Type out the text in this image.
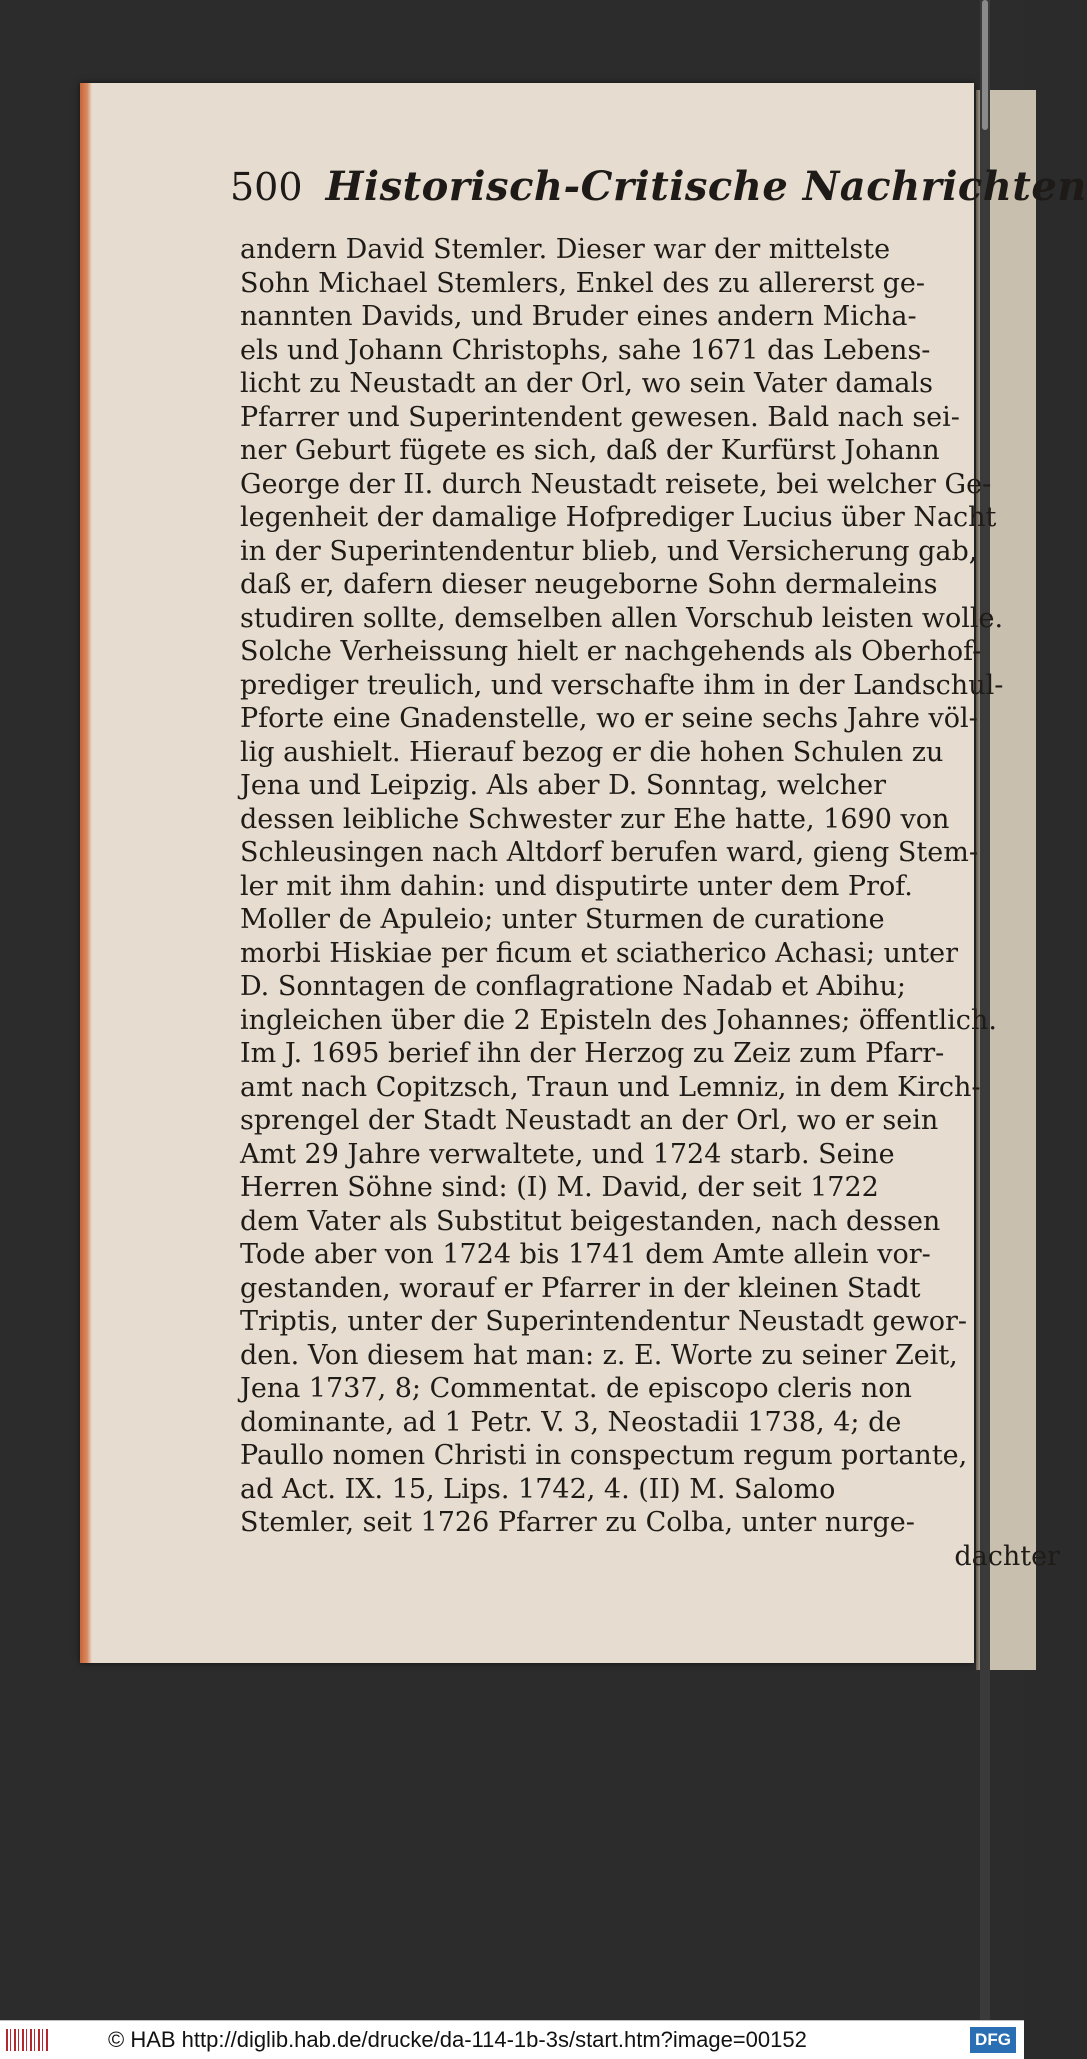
500 Historisch-Critische Nachrichten
andern David Stemler. Dieser war der mittelste
Sohn Michael Stemlers, Enkel des zu allererst ge-
nannten Davids, und Bruder eines andern Micha-
els und Johann Christophs, sahe 1671 das Lebens-
licht zu Neustadt an der Orl, wo sein Vater damals
Pfarrer und Superintendent gewesen. Bald nach sei-
ner Geburt fügete es sich, daß der Kurfürst Johann
George der II. durch Neustadt reisete, bei welcher Ge-
legenheit der damalige Hofprediger Lucius über Nacht
in der Superintendentur blieb, und Versicherung gab,
daß er, dafern dieser neugeborne Sohn dermaleins
studiren sollte, demselben allen Vorschub leisten wolle.
Solche Verheissung hielt er nachgehends als Oberhof-
prediger treulich, und verschafte ihm in der Landschul-
Pforte eine Gnadenstelle, wo er seine sechs Jahre völ-
lig aushielt. Hierauf bezog er die hohen Schulen zu
Jena und Leipzig. Als aber D. Sonntag, welcher
dessen leibliche Schwester zur Ehe hatte, 1690 von
Schleusingen nach Altdorf berufen ward, gieng Stem-
ler mit ihm dahin: und disputirte unter dem Prof.
Moller de Apuleio; unter Sturmen de curatione
morbi Hiskiae per ficum et sciatherico Achasi; unter
D. Sonntagen de conflagratione Nadab et Abihu;
ingleichen über die 2 Episteln des Johannes; öffentlich.
Im J. 1695 berief ihn der Herzog zu Zeiz zum Pfarr-
amt nach Copitzsch, Traun und Lemniz, in dem Kirch-
sprengel der Stadt Neustadt an der Orl, wo er sein
Amt 29 Jahre verwaltete, und 1724 starb. Seine
Herren Söhne sind: (I) M. David, der seit 1722
dem Vater als Substitut beigestanden, nach dessen
Tode aber von 1724 bis 1741 dem Amte allein vor-
gestanden, worauf er Pfarrer in der kleinen Stadt
Triptis, unter der Superintendentur Neustadt gewor-
den. Von diesem hat man: z. E. Worte zu seiner Zeit,
Jena 1737, 8; Commentat. de episcopo cleris non
dominante, ad 1 Petr. V. 3, Neostadii 1738, 4; de
Paullo nomen Christi in conspectum regum portante,
ad Act. IX. 15, Lips. 1742, 4. (II) M. Salomo
Stemler, seit 1726 Pfarrer zu Colba, unter nurge-
dachter
© HAB http://diglib.hab.de/drucke/da-114-1b-3s/start.htm?image=00152	DFG
